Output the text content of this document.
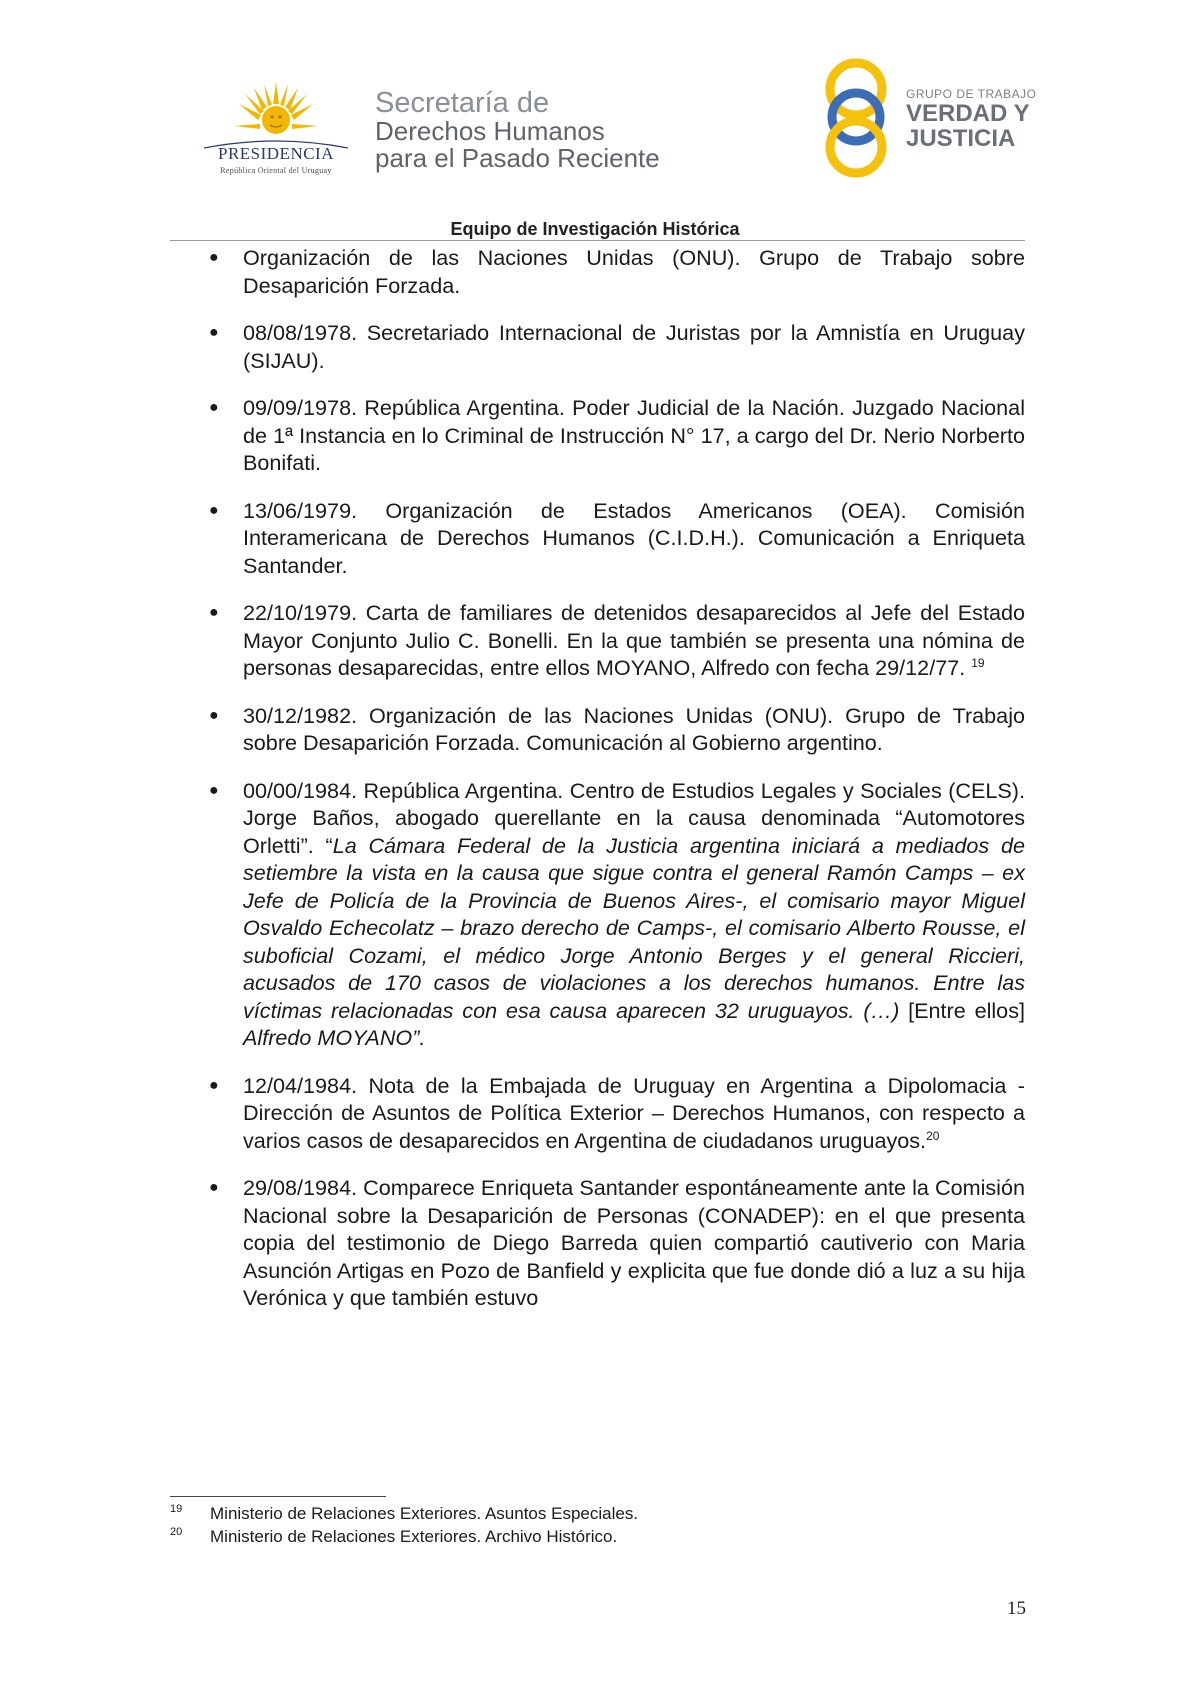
PRESIDENCIA
República Oriental del Uruguay
Secretaría de
Derechos Humanos
para el Pasado Reciente
GRUPO DE TRABAJO
VERDAD Y
JUSTICIA
Equipo de Investigación Histórica
● Organización de las Naciones Unidas (ONU). Grupo de Trabajo sobre Desaparición Forzada.
● 08/08/1978. Secretariado Internacional de Juristas por la Amnistía en Uruguay (SIJAU).
● 09/09/1978. República Argentina. Poder Judicial de la Nación. Juzgado Nacional de 1ª Instancia en lo Criminal de Instrucción N° 17, a cargo del Dr. Nerio Norberto Bonifati.
● 13/06/1979. Organización de Estados Americanos (OEA). Comisión Interamericana de Derechos Humanos (C.I.D.H.). Comunicación a Enriqueta Santander.
● 22/10/1979. Carta de familiares de detenidos desaparecidos al Jefe del Estado Mayor Conjunto Julio C. Bonelli. En la que también se presenta una nómina de personas desaparecidas, entre ellos MOYANO, Alfredo con fecha 29/12/77. $^{19}$
● 30/12/1982. Organización de las Naciones Unidas (ONU). Grupo de Trabajo sobre Desaparición Forzada. Comunicación al Gobierno argentino.
● 00/00/1984. República Argentina. Centro de Estudios Legales y Sociales (CELS). Jorge Baños, abogado querellante en la causa denominada “Automotores Orletti”. “La Cámara Federal de la Justicia argentina iniciará a mediados de setiembre la vista en la causa que sigue contra el general Ramón Camps – ex Jefe de Policía de la Provincia de Buenos Aires-, el comisario mayor Miguel Osvaldo Echecolatz – brazo derecho de Camps-, el comisario Alberto Rousse, el suboficial Cozami, el médico Jorge Antonio Berges y el general Riccieri, acusados de 170 casos de violaciones a los derechos humanos. Entre las víctimas relacionadas con esa causa aparecen 32 uruguayos. (…) [Entre ellos] Alfredo MOYANO”.
● 12/04/1984. Nota de la Embajada de Uruguay en Argentina a Dipolomacia - Dirección de Asuntos de Política Exterior – Derechos Humanos, con respecto a varios casos de desaparecidos en Argentina de ciudadanos uruguayos.$^{20}$
● 29/08/1984. Comparece Enriqueta Santander espontáneamente ante la Comisión Nacional sobre la Desaparición de Personas (CONADEP): en el que presenta copia del testimonio de Diego Barreda quien compartió cautiverio con Maria Asunción Artigas en Pozo de Banfield y explicita que fue donde dió a luz a su hija Verónica y que también estuvo
19 Ministerio de Relaciones Exteriores. Asuntos Especiales.
20 Ministerio de Relaciones Exteriores. Archivo Histórico.
15
